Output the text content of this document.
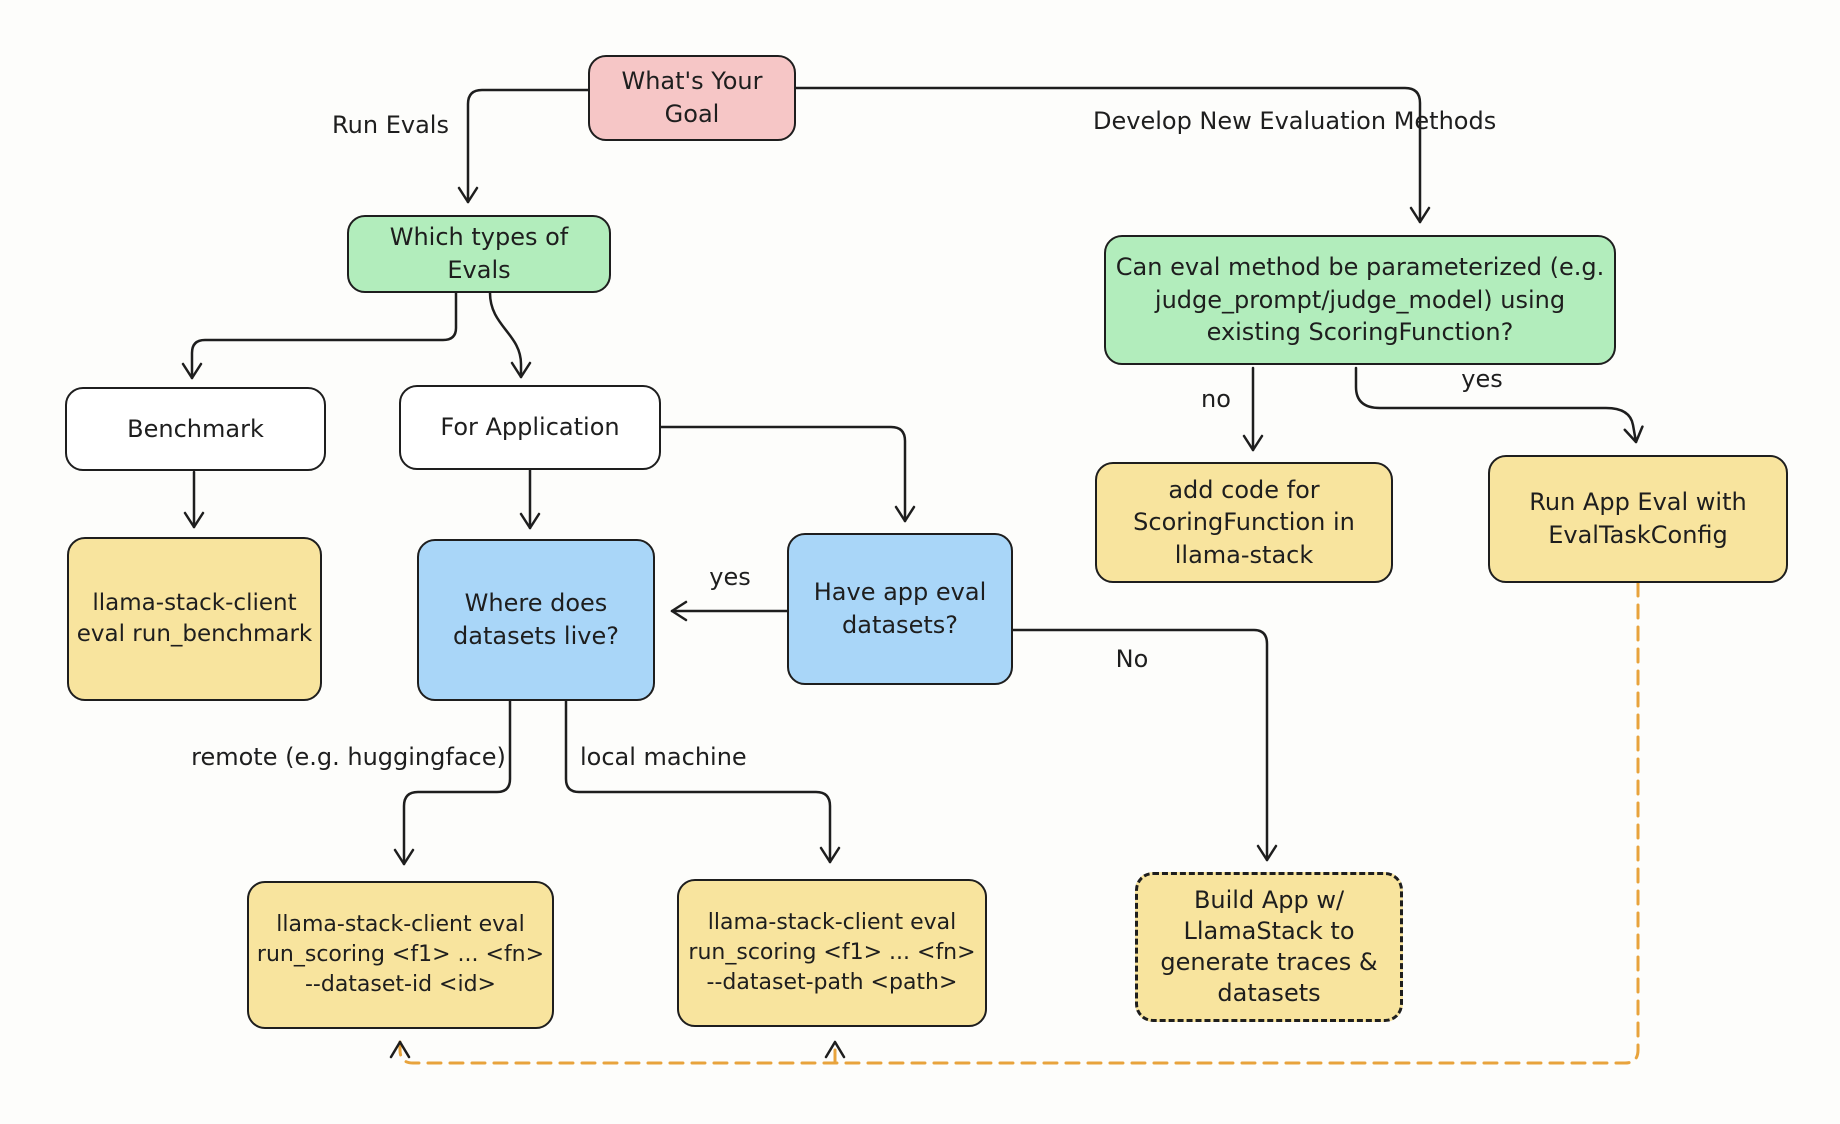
What's Your
Goal
Which types of
Evals	Can eval method be parameterized (e.g.
judge_prompt/judge_model) using
existing ScoringFunction?
Benchmark	For Application
llama-stack-client
eval run_benchmark
Where does
datasets live?
Have app eval
datasets?
add code for
ScoringFunction in
llama-stack
Run App Eval with
EvalTaskConfig
Build App w/
LlamaStack to
generate traces &
datasets
llama-stack-client eval
run_scoring <f1> ... <fn>
--dataset-id <id>
llama-stack-client eval
run_scoring <f1> ... <fn>
--dataset-path <path>
Run Evals	Develop New Evaluation Methods
no
yes
yes
No
remote (e.g. huggingface)	local machine
